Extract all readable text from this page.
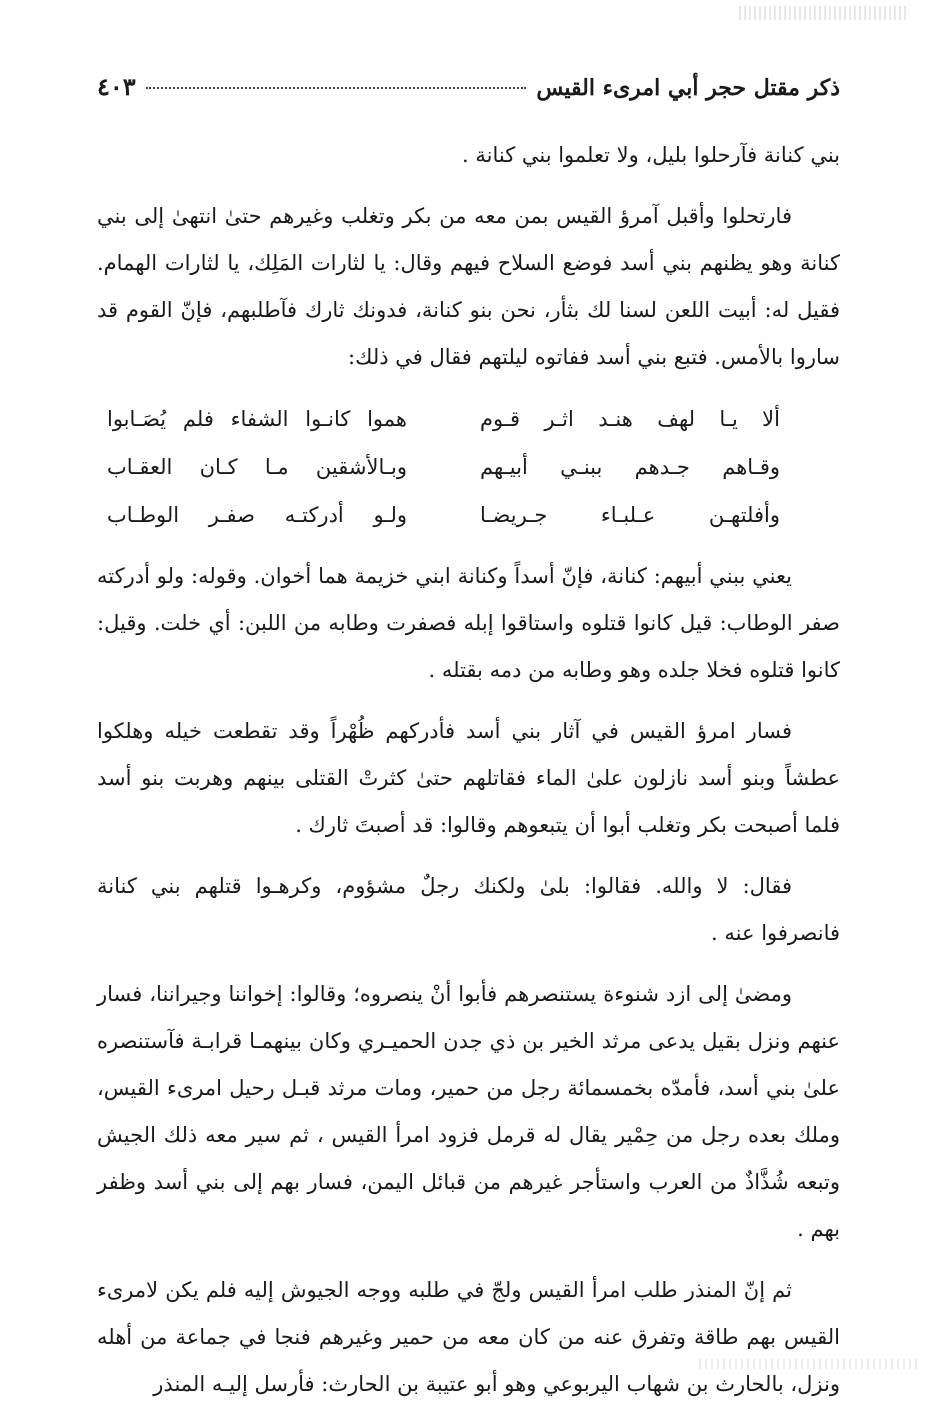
ذكر مقتل حجر أبي امرىء القيس
٤٠٣

بني كنانة فآرحلوا بليل، ولا تعلموا بني كنانة .

فارتحلوا وأقبل آمرؤ القيس بمن معه من بكر وتغلب وغيرهم حتىٰ انتهىٰ إلى بني كنانة وهو يظنهم بني أسد فوضع السلاح فيهم وقال: يا لثارات المَلِك، يا لثارات الهمام. فقيل له: أبيت اللعن لسنا لك بثأر، نحن بنو كنانة، فدونك ثارك فآطلبهم، فإنّ القوم قد ساروا بالأمس. فتبع بني أسد ففاتوه ليلتهم فقال في ذلك:

ألا يـا لهف هنـد اثـر قـوم
هموا كانـوا الشفاء فلم يُصَـابوا
وقـاهم جـدهم ببنـي أبيـهم
وبـالأشقين مـا كـان العقـاب
وأفلتهـن عـلبـاء جـريضـا
ولـو أدركتـه صفـر الوطـاب

يعني ببني أبيهم: كنانة، فإنّ أسداً وكنانة ابني خزيمة هما أخوان. وقوله: ولو أدركته صفر الوطاب: قيل كانوا قتلوه واستاقوا إبله فصفرت وطابه من اللبن: أي خلت. وقيل: كانوا قتلوه فخلا جلده وهو وطابه من دمه بقتله .

فسار امرؤ القيس في آثار بني أسد فأدركهم ظُهْراً وقد تقطعت خيله وهلكوا عطشاً وبنو أسد نازلون علىٰ الماء فقاتلهم حتىٰ كثرتْ القتلى بينهم وهربت بنو أسد فلما أصبحت بكر وتغلب أبوا أن يتبعوهم وقالوا: قد أصبتَ ثارك .

فقال: لا والله. فقالوا: بلىٰ ولكنك رجلٌ مشؤوم، وكرهـوا قتلهم بني كنانة فانصرفوا عنه .

ومضىٰ إلى ازد شنوءة يستنصرهم فأبوا أنْ ينصروه؛ وقالوا: إخواننا وجيراننا، فسار عنهم ونزل بقيل يدعى مرثد الخير بن ذي جدن الحميـري وكان بينهمـا قرابـة فآستنصره علىٰ بني أسد، فأمدّه بخمسمائة رجل من حمير، ومات مرثد قبـل رحيل امرىء القيس، وملك بعده رجل من حِمْير يقال له قرمل فزود امرأ القيس ، ثم سير معه ذلك الجيش وتبعه شُذَّاذٌ من العرب واستأجر غيرهم من قبائل اليمن، فسار بهم إلى بني أسد وظفر بهم .

ثم إنّ المنذر طلب امرأ القيس ولجّ في طلبه ووجه الجيوش إليه فلم يكن لامرىء القيس بهم طاقة وتفرق عنه من كان معه من حمير وغيرهم فنجا في جماعة من أهله ونزل، بالحارث بن شهاب اليربوعي وهو أبو عتيبة بن الحارث: فأرسل إليـه المنذر
